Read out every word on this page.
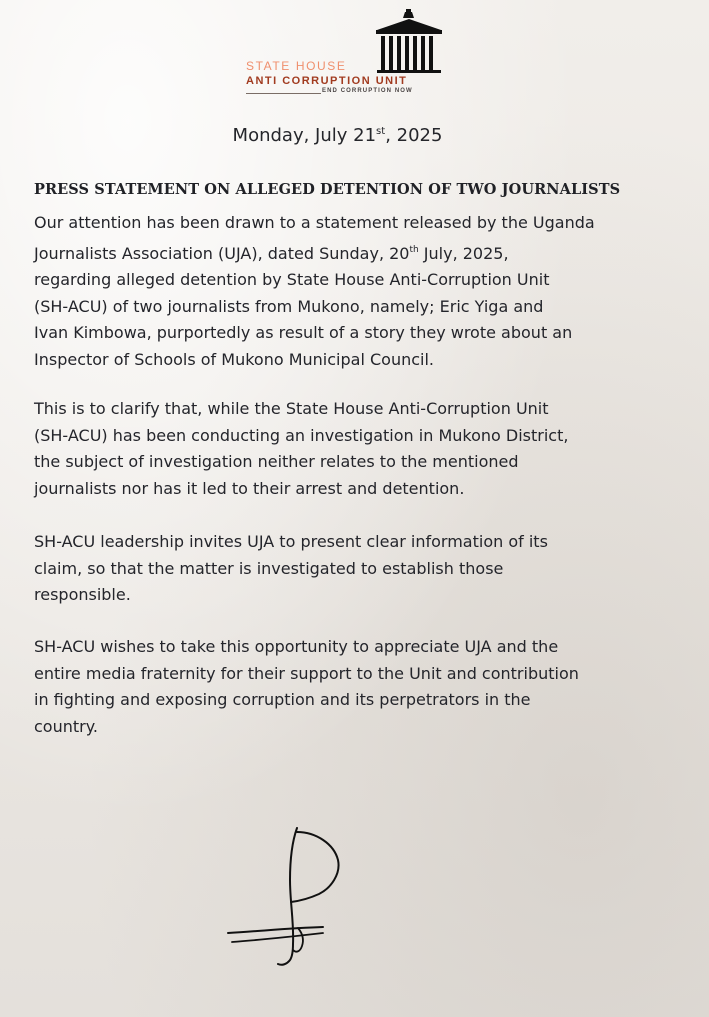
STATE HOUSE
ANTI CORRUPTION UNIT
END CORRUPTION NOW
Monday, July 21st, 2025
PRESS STATEMENT ON ALLEGED DETENTION OF TWO JOURNALISTS
Our attention has been drawn to a statement released by the Uganda
Journalists Association (UJA), dated Sunday, 20th July, 2025,
regarding alleged detention by State House Anti-Corruption Unit
(SH-ACU) of two journalists from Mukono, namely; Eric Yiga and
Ivan Kimbowa, purportedly as result of a story they wrote about an
Inspector of Schools of Mukono Municipal Council.
This is to clarify that, while the State House Anti-Corruption Unit
(SH-ACU) has been conducting an investigation in Mukono District,
the subject of investigation neither relates to the mentioned
journalists nor has it led to their arrest and detention.
SH-ACU leadership invites UJA to present clear information of its
claim, so that the matter is investigated to establish those
responsible.
SH-ACU wishes to take this opportunity to appreciate UJA and the
entire media fraternity for their support to the Unit and contribution
in fighting and exposing corruption and its perpetrators in the
country.
